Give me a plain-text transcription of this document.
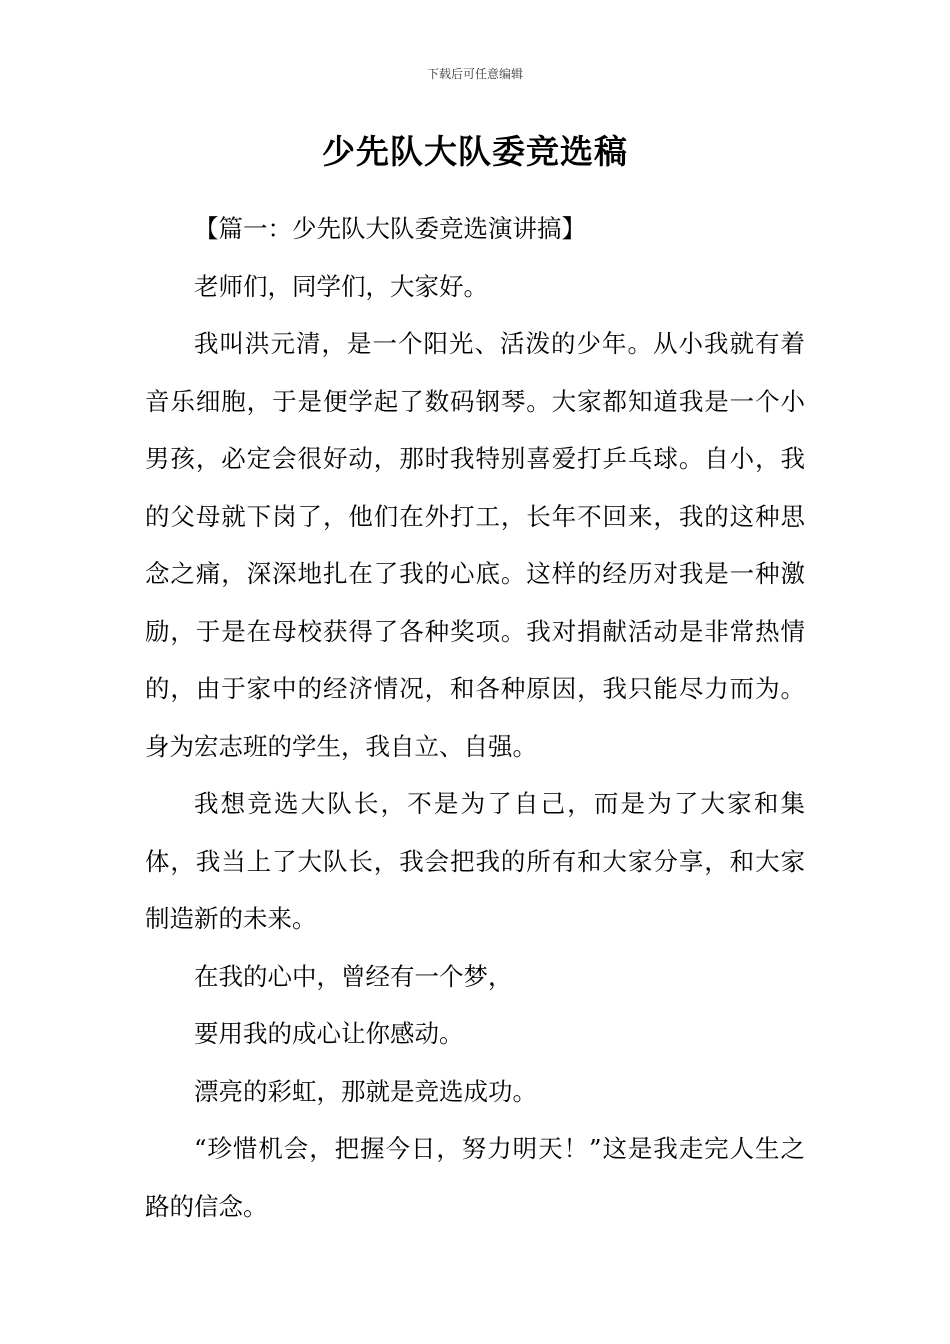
下载后可任意编辑
少先队大队委竞选稿

【篇一：少先队大队委竞选演讲搞】

老师们，同学们，大家好。

我叫洪元清，是一个阳光、活泼的少年。从小我就有着音乐细胞，于是便学起了数码钢琴。大家都知道我是一个小男孩，必定会很好动，那时我特别喜爱打乒乓球。自小，我的父母就下岗了，他们在外打工，长年不回来，我的这种思念之痛，深深地扎在了我的心底。这样的经历对我是一种激励，于是在母校获得了各种奖项。我对捐献活动是非常热情的，由于家中的经济情况，和各种原因，我只能尽力而为。身为宏志班的学生，我自立、自强。

我想竞选大队长，不是为了自己，而是为了大家和集体，我当上了大队长，我会把我的所有和大家分享，和大家制造新的未来。

在我的心中，曾经有一个梦，

要用我的成心让你感动。

漂亮的彩虹，那就是竞选成功。

“珍惜机会，把握今日，努力明天！”这是我走完人生之路的信念。
